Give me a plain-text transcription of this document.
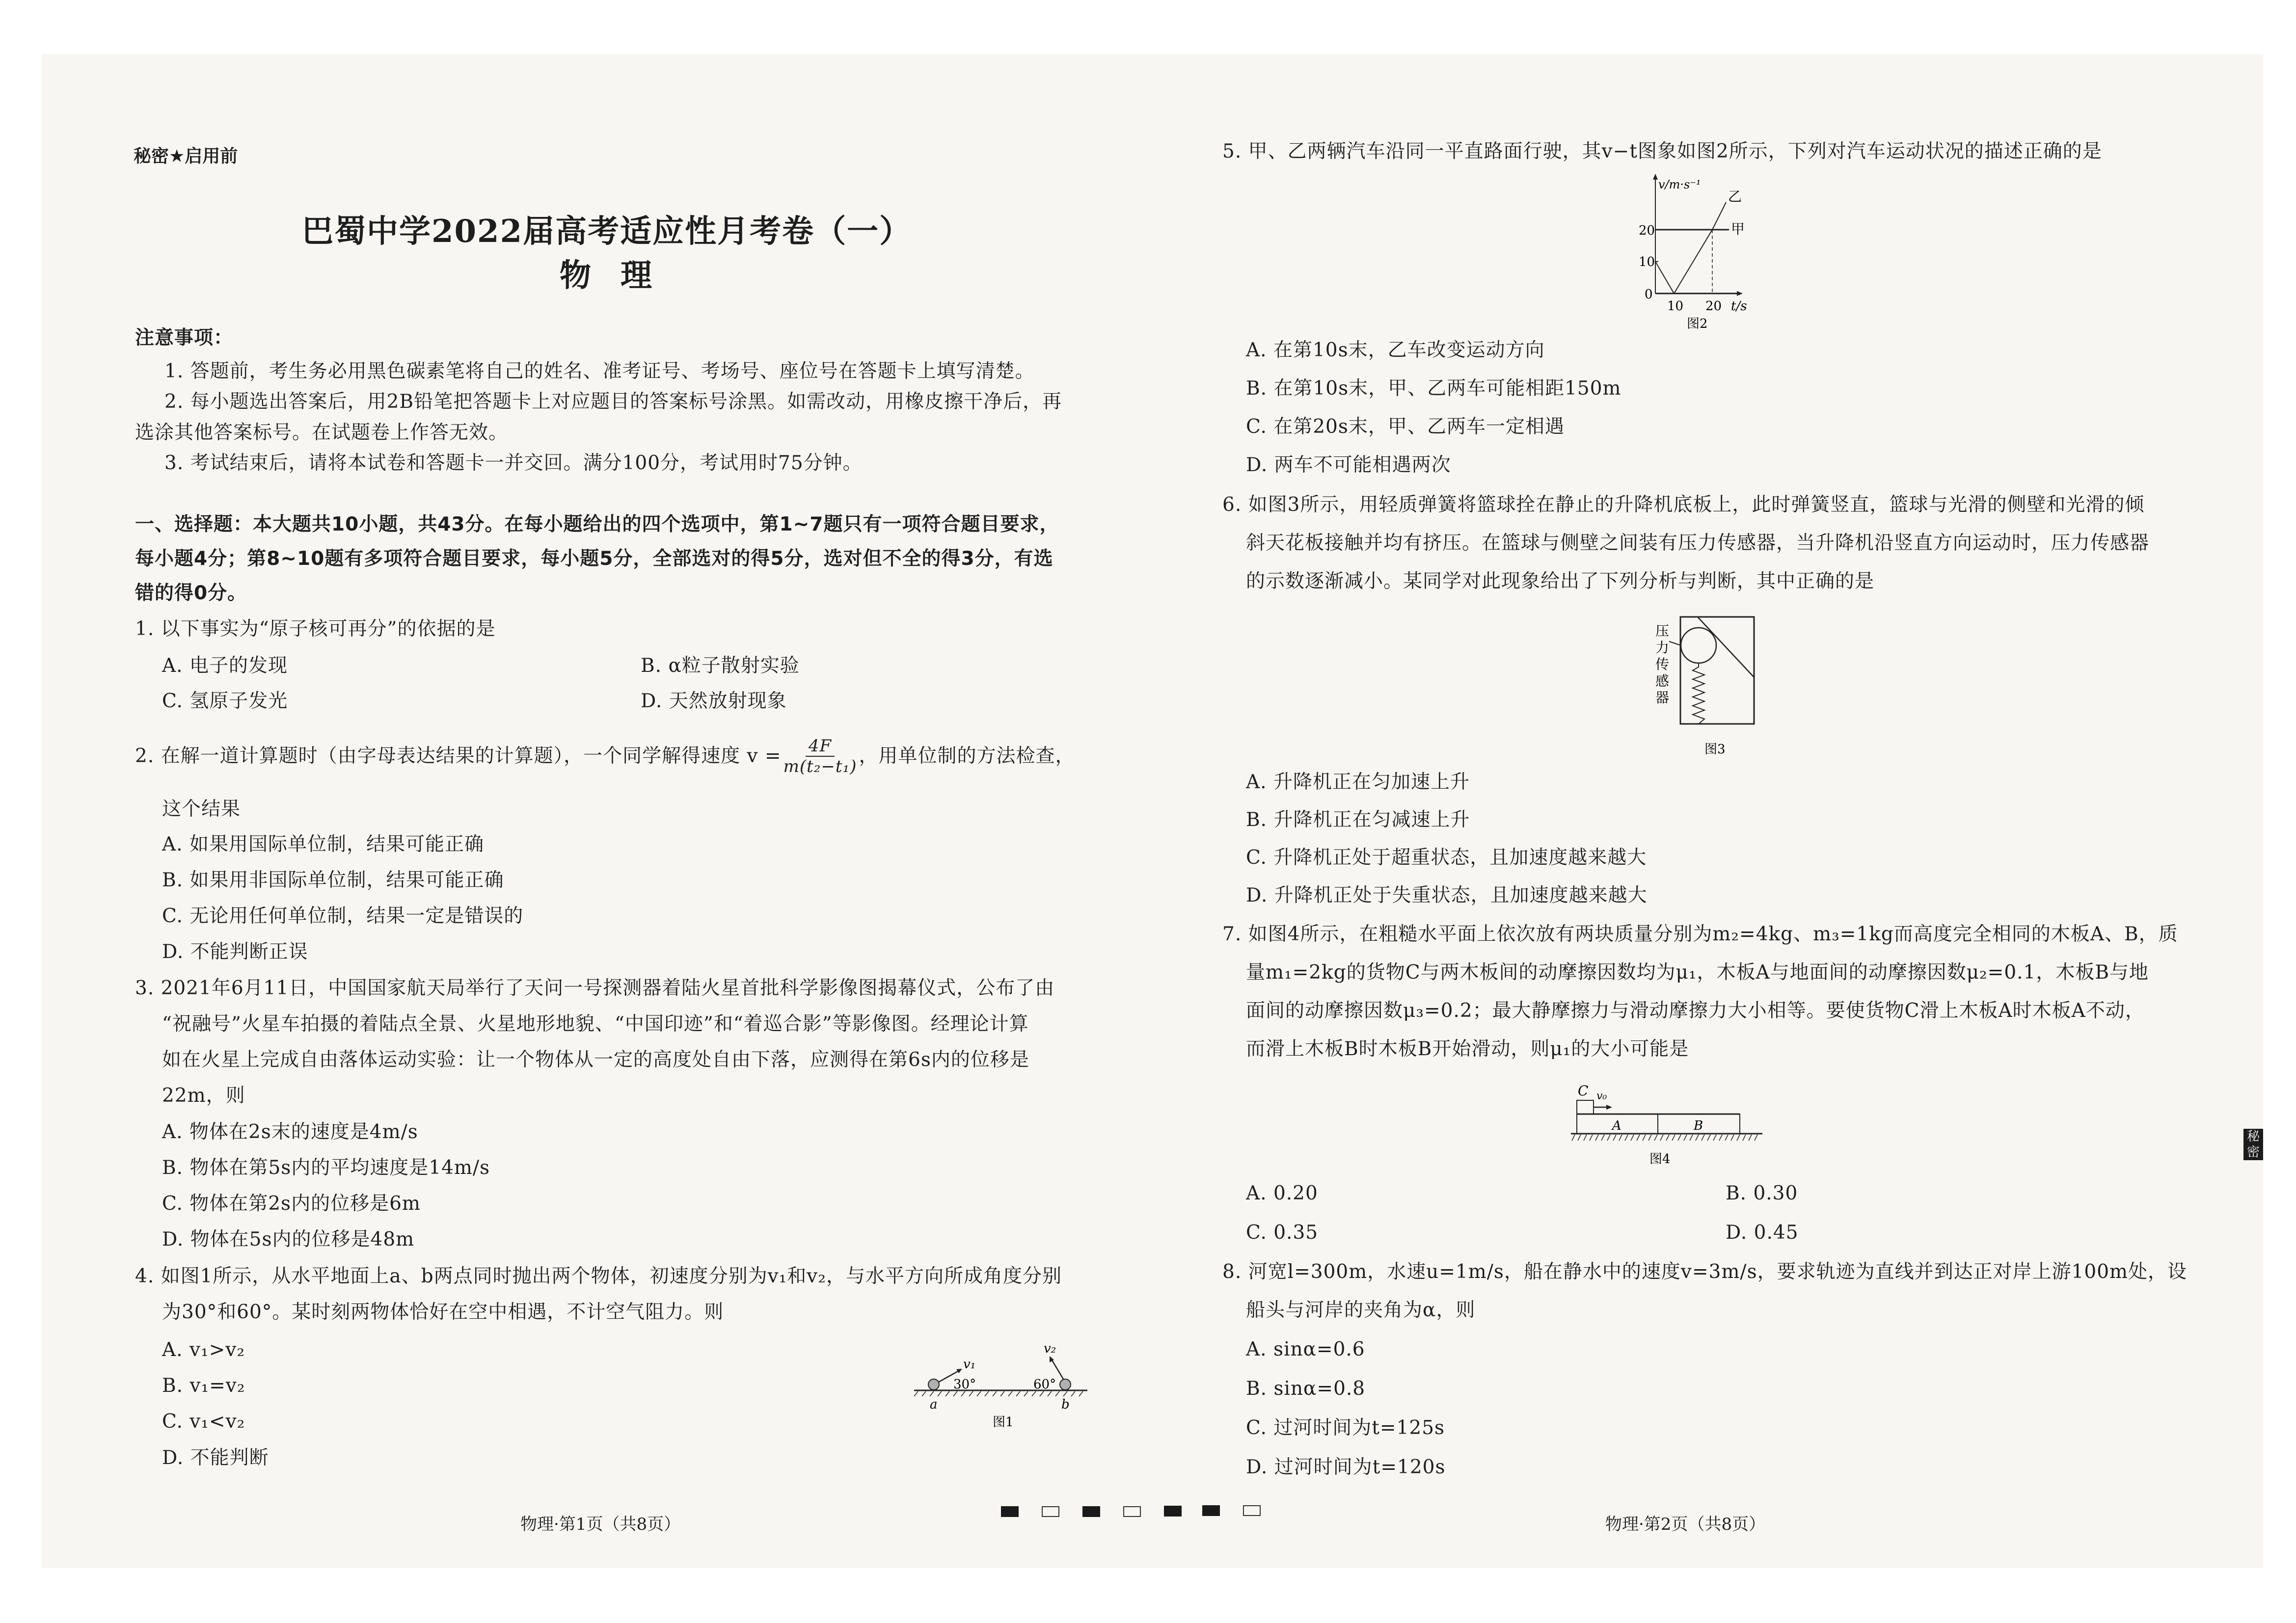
秘密★启用前
巴蜀中学2022届高考适应性月考卷（一）
物理
注意事项：
1. 答题前，考生务必用黑色碳素笔将自己的姓名、准考证号、考场号、座位号在答题卡上填写清楚。
2. 每小题选出答案后，用2B铅笔把答题卡上对应题目的答案标号涂黑。如需改动，用橡皮擦干净后，再
选涂其他答案标号。在试题卷上作答无效。
3. 考试结束后，请将本试卷和答题卡一并交回。满分100分，考试用时75分钟。
一、选择题：本大题共10小题，共43分。在每小题给出的四个选项中，第1~7题只有一项符合题目要求，
每小题4分；第8~10题有多项符合题目要求，每小题5分，全部选对的得5分，选对但不全的得3分，有选
错的得0分。
1. 以下事实为“原子核可再分”的依据的是
A. 电子的发现	B. α粒子散射实验
C. 氢原子发光	D. 天然放射现象
2. 在解一道计算题时（由字母表达结果的计算题），一个同学解得速度 $v = \frac{4F}{\text{m(t₂−t₁)}}$ ，用单位制的方法检查，
这个结果
A. 如果用国际单位制，结果可能正确
B. 如果用非国际单位制，结果可能正确
C. 无论用任何单位制，结果一定是错误的
D. 不能判断正误
3. 2021年6月11日，中国国家航天局举行了天问一号探测器着陆火星首批科学影像图揭幕仪式，公布了由
“祝融号”火星车拍摄的着陆点全景、火星地形地貌、“中国印迹”和“着巡合影”等影像图。经理论计算
如在火星上完成自由落体运动实验：让一个物体从一定的高度处自由下落，应测得在第6s内的位移是
22m，则
A. 物体在2s末的速度是4m/s
B. 物体在第5s内的平均速度是14m/s
C. 物体在第2s内的位移是6m
D. 物体在5s内的位移是48m
4. 如图1所示，从水平地面上a、b两点同时抛出两个物体，初速度分别为v₁和v₂，与水平方向所成角度分别
为30°和60°。某时刻两物体恰好在空中相遇，不计空气阻力。则
A. v₁>v₂
B. v₁=v₂
C. v₁<v₂
D. 不能判断
v₁
v₂
30°	60°
a	b
图1
5. 甲、乙两辆汽车沿同一平直路面行驶，其v−t图象如图2所示，下列对汽车运动状况的描述正确的是
v/m·s⁻¹
乙
甲
20
10
0
10 20 t/s
图2
A. 在第10s末，乙车改变运动方向
B. 在第10s末，甲、乙两车可能相距150m
C. 在第20s末，甲、乙两车一定相遇
D. 两车不可能相遇两次
6. 如图3所示，用轻质弹簧将篮球拴在静止的升降机底板上，此时弹簧竖直，篮球与光滑的侧壁和光滑的倾
斜天花板接触并均有挤压。在篮球与侧壁之间装有压力传感器，当升降机沿竖直方向运动时，压力传感器
的示数逐渐减小。某同学对此现象给出了下列分析与判断，其中正确的是
压
力
传
感
器
图3
A. 升降机正在匀加速上升
B. 升降机正在匀减速上升
C. 升降机正处于超重状态，且加速度越来越大
D. 升降机正处于失重状态，且加速度越来越大
7. 如图4所示，在粗糙水平面上依次放有两块质量分别为m₂=4kg、m₃=1kg而高度完全相同的木板A、B，质
量m₁=2kg的货物C与两木板间的动摩擦因数均为μ₁，木板A与地面间的动摩擦因数μ₂=0.1，木板B与地
面间的动摩擦因数μ₃=0.2；最大静摩擦力与滑动摩擦力大小相等。要使货物C滑上木板A时木板A不动，
而滑上木板B时木板B开始滑动，则μ₁的大小可能是
C v₀
A	B
图4
A. 0.20	B. 0.30
C. 0.35	D. 0.45
8. 河宽l=300m，水速u=1m/s，船在静水中的速度v=3m/s，要求轨迹为直线并到达正对岸上游100m处，设
船头与河岸的夹角为α，则
A. sinα=0.6
B. sinα=0.8
C. 过河时间为t=125s
D. 过河时间为t=120s
秘密
物理·第1页（共8页）	物理·第2页（共8页）
